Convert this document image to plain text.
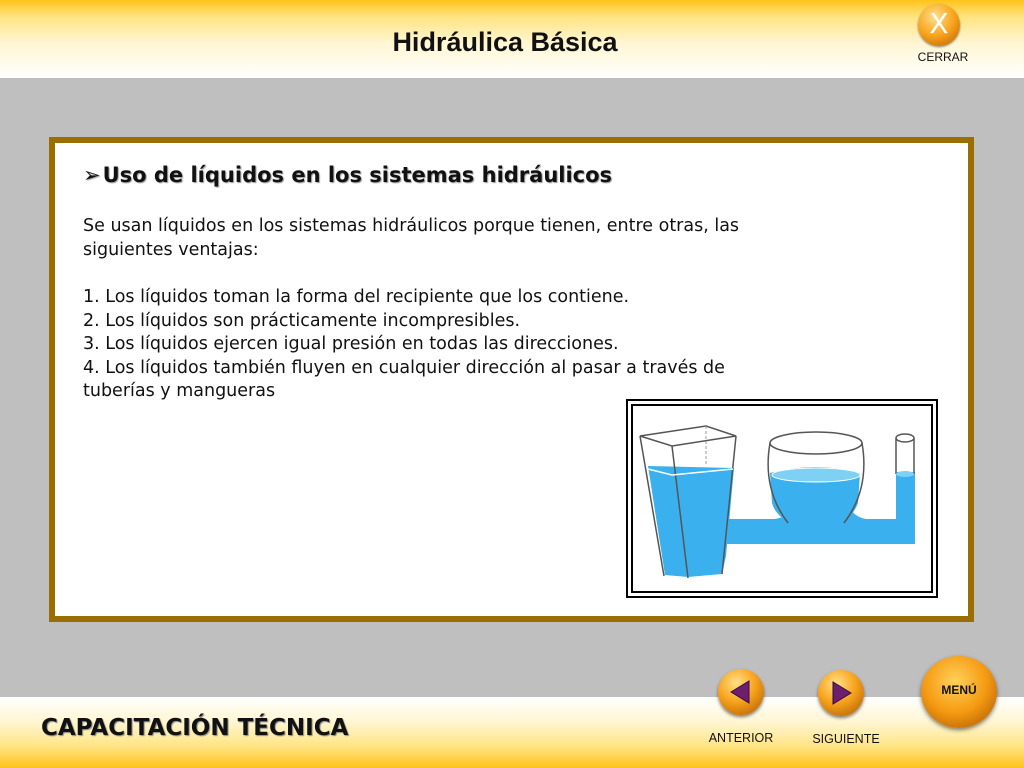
Hidráulica Básica
X
CERRAR
➢Uso de líquidos en los sistemas hidráulicos

Se usan líquidos en los sistemas hidráulicos porque tienen, entre otras, las

siguientes ventajas:

1. Los líquidos toman la forma del recipiente que los contiene.

2. Los líquidos son prácticamente incompresibles.

3. Los líquidos ejercen igual presión en todas las direcciones.

4. Los líquidos también fluyen en cualquier dirección al pasar a través de

tuberías y mangueras

CAPACITACIÓN TÉCNICA	ANTERIOR	SIGUIENTE
MENÚ
